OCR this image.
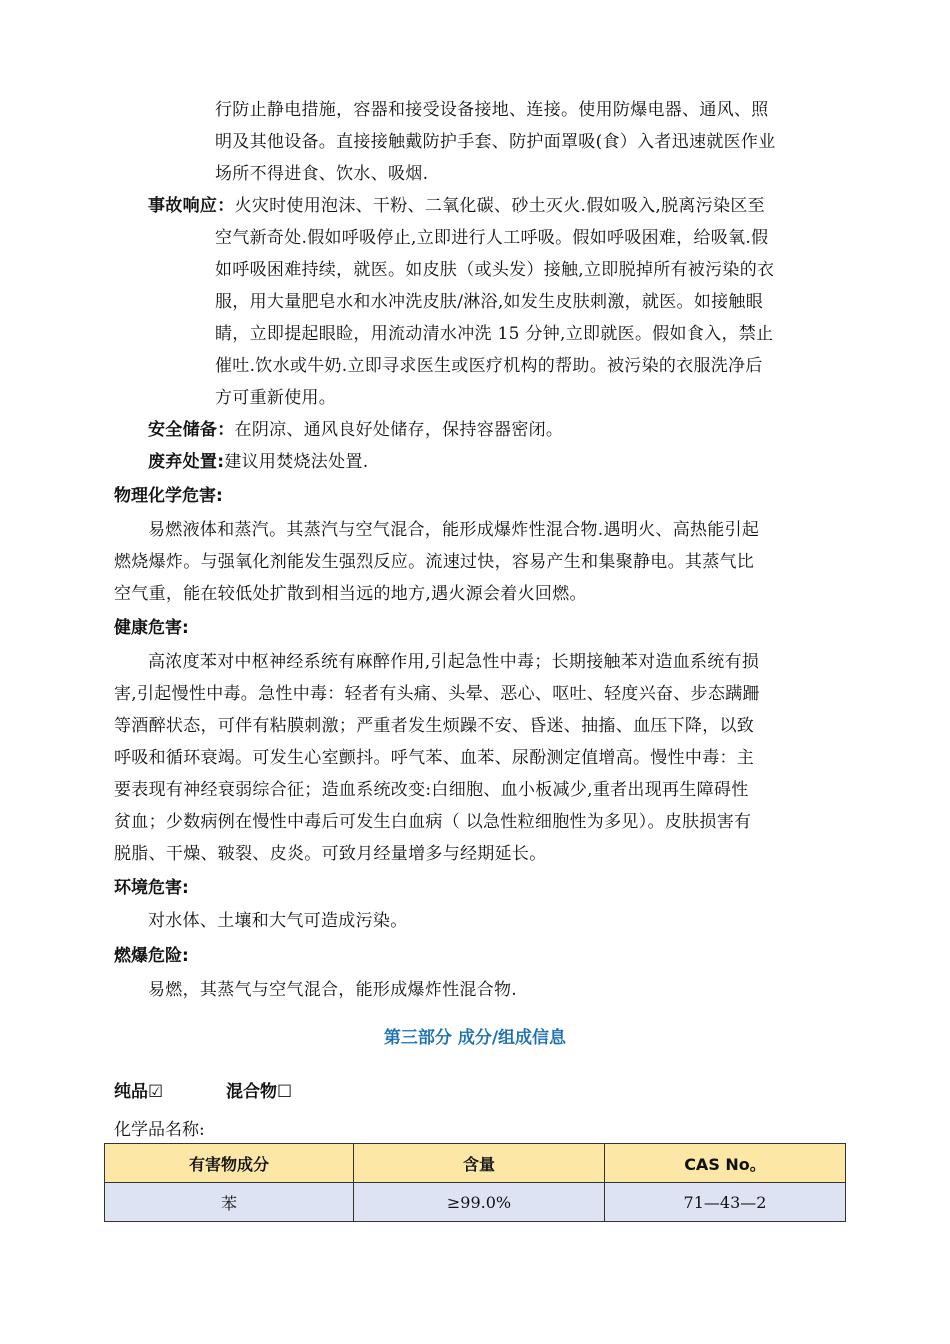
行防止静电措施，容器和接受设备接地、连接。使用防爆电器、通风、照
明及其他设备。直接接触戴防护手套、防护面罩吸(食）入者迅速就医作业
场所不得进食、饮水、吸烟.
事故响应：火灾时使用泡沫、干粉、二氧化碳、砂土灭火.假如吸入,脱离污染区至
空气新奇处.假如呼吸停止,立即进行人工呼吸。假如呼吸困难，给吸氧.假
如呼吸困难持续，就医。如皮肤（或头发）接触,立即脱掉所有被污染的衣
服，用大量肥皂水和水冲洗皮肤/淋浴,如发生皮肤刺激，就医。如接触眼
睛，立即提起眼睑，用流动清水冲洗 15 分钟,立即就医。假如食入，禁止
催吐.饮水或牛奶.立即寻求医生或医疗机构的帮助。被污染的衣服洗净后
方可重新使用。
安全储备：在阴凉、通风良好处储存，保持容器密闭。
废弃处置:建议用焚烧法处置.
物理化学危害:
易燃液体和蒸汽。其蒸汽与空气混合，能形成爆炸性混合物.遇明火、高热能引起
燃烧爆炸。与强氧化剂能发生强烈反应。流速过快，容易产生和集聚静电。其蒸气比
空气重，能在较低处扩散到相当远的地方,遇火源会着火回燃。
健康危害:
高浓度苯对中枢神经系统有麻醉作用,引起急性中毒；长期接触苯对造血系统有损
害,引起慢性中毒。急性中毒：轻者有头痛、头晕、恶心、呕吐、轻度兴奋、步态蹒跚
等酒醉状态，可伴有粘膜刺激；严重者发生烦躁不安、昏迷、抽搐、血压下降，以致
呼吸和循环衰竭。可发生心室颤抖。呼气苯、血苯、尿酚测定值增高。慢性中毒：主
要表现有神经衰弱综合征；造血系统改变:白细胞、血小板减少,重者出现再生障碍性
贫血；少数病例在慢性中毒后可发生白血病（ 以急性粒细胞性为多见）。皮肤损害有
脱脂、干燥、皲裂、皮炎。可致月经量增多与经期延长。
环境危害:
对水体、土壤和大气可造成污染。
燃爆危险:
易燃，其蒸气与空气混合，能形成爆炸性混合物.
第三部分 成分/组成信息
纯品☑	混合物☐
化学品名称:
有害物成分	含量	CAS No。
苯	≥99.0%	71—43—2
